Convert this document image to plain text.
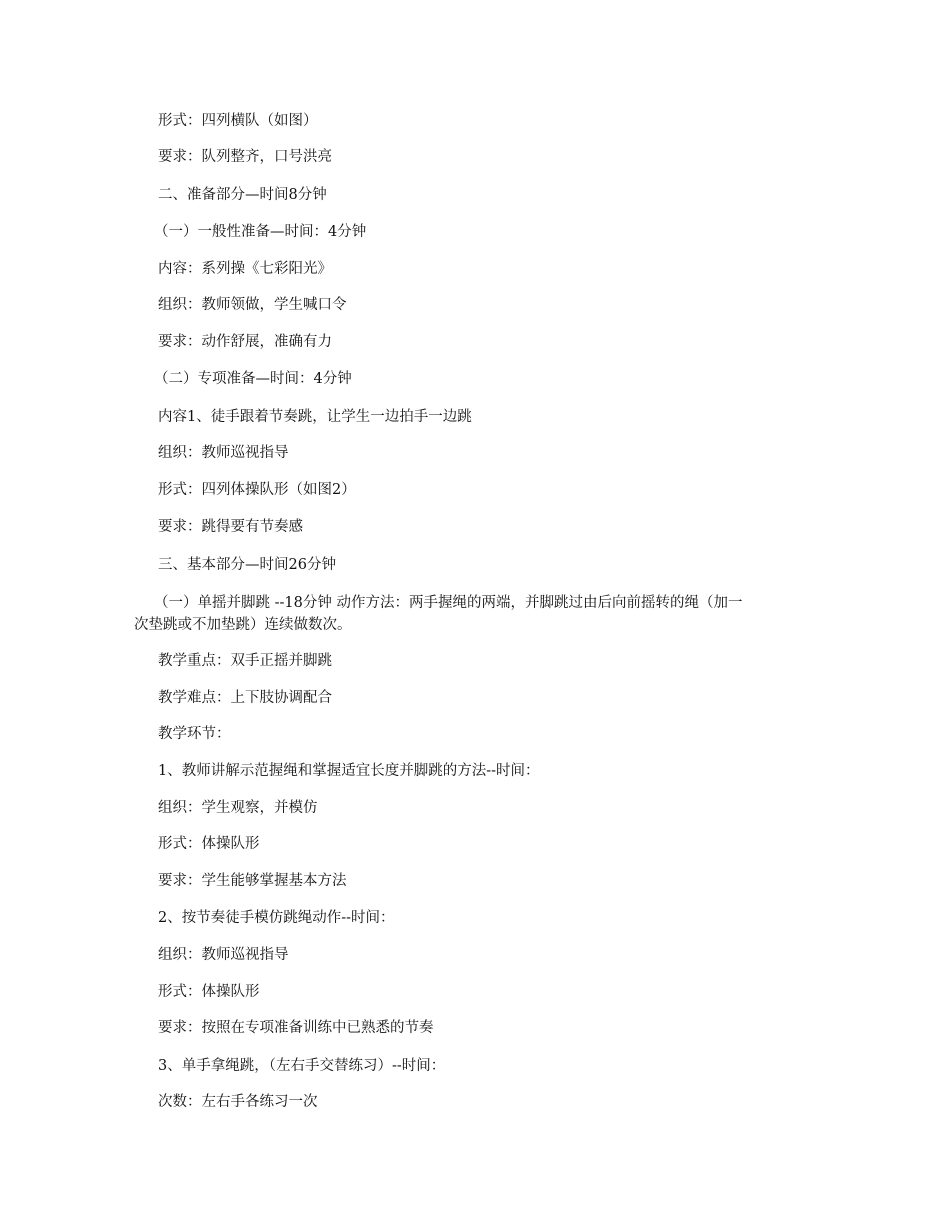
形式：四列横队（如图）
要求：队列整齐，口号洪亮
二、准备部分—时间8分钟
（一）一般性准备—时间：4分钟
内容：系列操《七彩阳光》
组织：教师领做，学生喊口令
要求：动作舒展，准确有力
（二）专项准备—时间：4分钟
内容1、徒手跟着节奏跳，让学生一边拍手一边跳
组织：教师巡视指导
形式：四列体操队形（如图2）
要求：跳得要有节奏感
三、基本部分—时间26分钟
（一）单摇并脚跳 --18分钟 动作方法：两手握绳的两端，并脚跳过由后向前摇转的绳（加一
次垫跳或不加垫跳）连续做数次。
教学重点：双手正摇并脚跳
教学难点：上下肢协调配合
教学环节：
1、教师讲解示范握绳和掌握适宜长度并脚跳的方法--时间：
组织：学生观察，并模仿
形式：体操队形
要求：学生能够掌握基本方法
2、按节奏徒手模仿跳绳动作--时间：
组织：教师巡视指导
形式：体操队形
要求：按照在专项准备训练中已熟悉的节奏
3、单手拿绳跳，（左右手交替练习）--时间：
次数：左右手各练习一次
